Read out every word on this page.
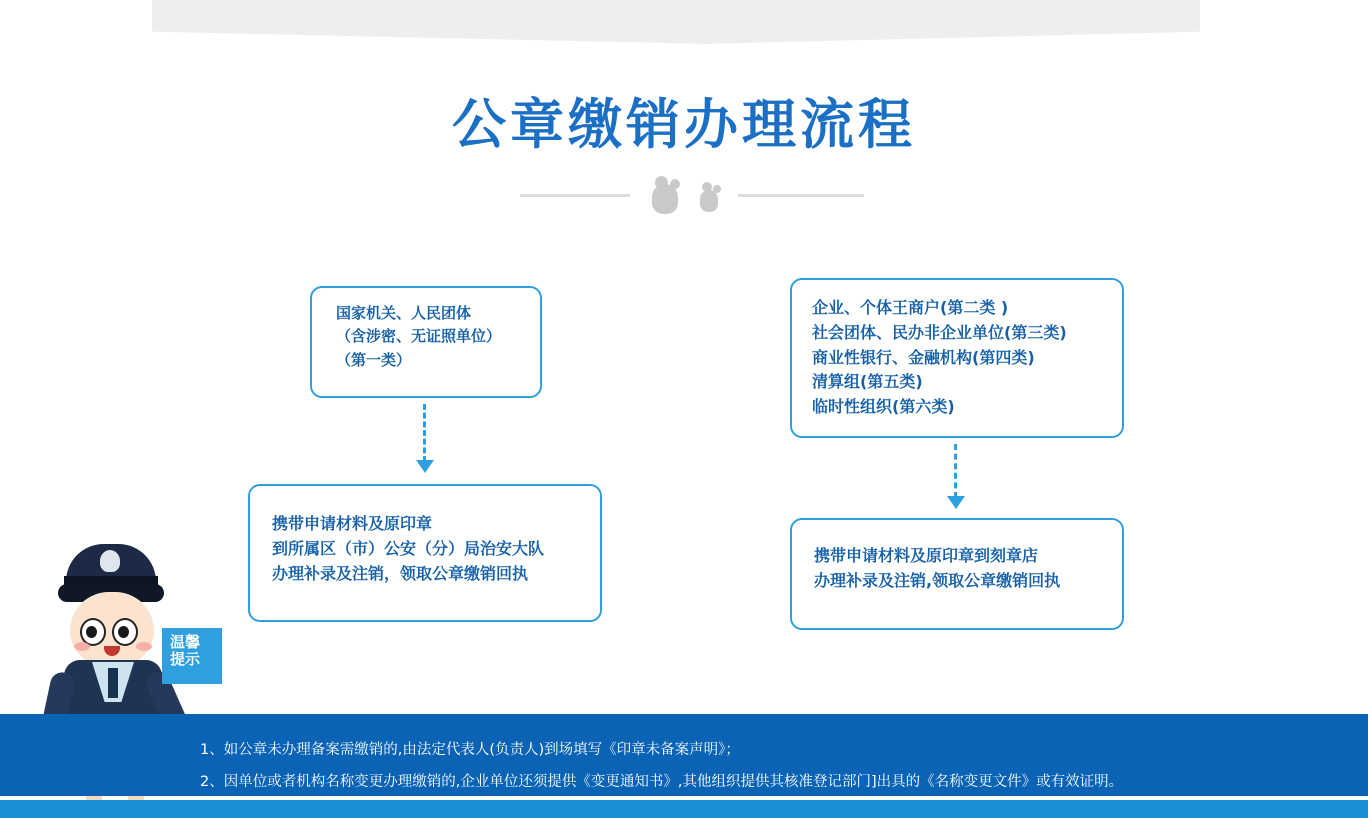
公章缴销办理流程
国家机关、人民团体
（含涉密、无证照单位）
（第一类）
携带申请材料及原印章
到所属区（市）公安（分）局治安大队
办理补录及注销，领取公章缴销回执
企业、个体王商户(第二类 )
社会团体、民办非企业单位(第三类)
商业性银行、金融机构(第四类)
清算组(第五类)
临时性组织(第六类)
携带申请材料及原印章到刻章店
办理补录及注销,领取公章缴销回执
温馨
提示
1、如公章未办理备案需缴销的,由法定代表人(负责人)到场填写《印章未备案声明》；
2、因单位或者机构名称变更办理缴销的,企业单位还须提供《变更通知书》,其他组织提供其核准登记部门]出具的《名称变更文件》或有效证明。
